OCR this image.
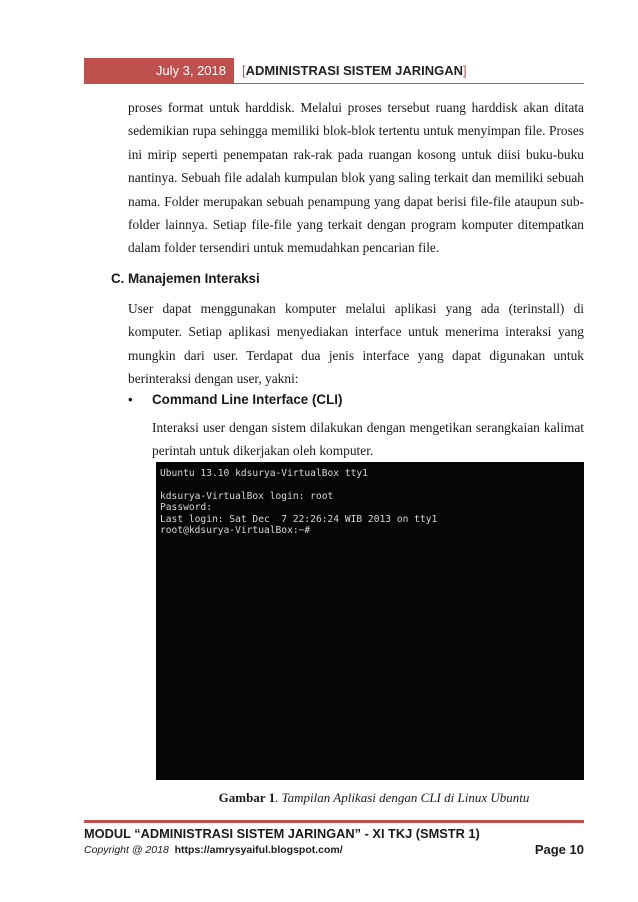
July 3, 2018	[ADMINISTRASI SISTEM JARINGAN]

proses format untuk harddisk. Melalui proses tersebut ruang harddisk akan ditata sedemikian rupa sehingga memiliki blok-blok tertentu untuk menyimpan file. Proses ini mirip seperti penempatan rak-rak pada ruangan kosong untuk diisi buku-buku nantinya. Sebuah file adalah kumpulan blok yang saling terkait dan memiliki sebuah nama. Folder merupakan sebuah penampung yang dapat berisi file-file ataupun sub-folder lainnya. Setiap file-file yang terkait dengan program komputer ditempatkan dalam folder tersendiri untuk memudahkan pencarian file.

C. Manajemen Interaksi

User dapat menggunakan komputer melalui aplikasi yang ada (terinstall) di komputer. Setiap aplikasi menyediakan interface untuk menerima interaksi yang mungkin dari user. Terdapat dua jenis interface yang dapat digunakan untuk berinteraksi dengan user, yakni:

• Command Line Interface (CLI)

Interaksi user dengan sistem dilakukan dengan mengetikan serangkaian kalimat perintah untuk dikerjakan oleh komputer.

Ubuntu 13.10 kdsurya-VirtualBox tty1
kdsurya-VirtualBox login: root
Password:
Last login: Sat Dec  7 22:26:24 WIB 2013 on tty1
root@kdsurya-VirtualBox:~#
Gambar 1. Tampilan Aplikasi dengan CLI di Linux Ubuntu
MODUL “ADMINISTRASI SISTEM JARINGAN” - XI TKJ (SMSTR 1)
Copyright @ 2018 https://amrysyaiful.blogspot.com/	Page 10
